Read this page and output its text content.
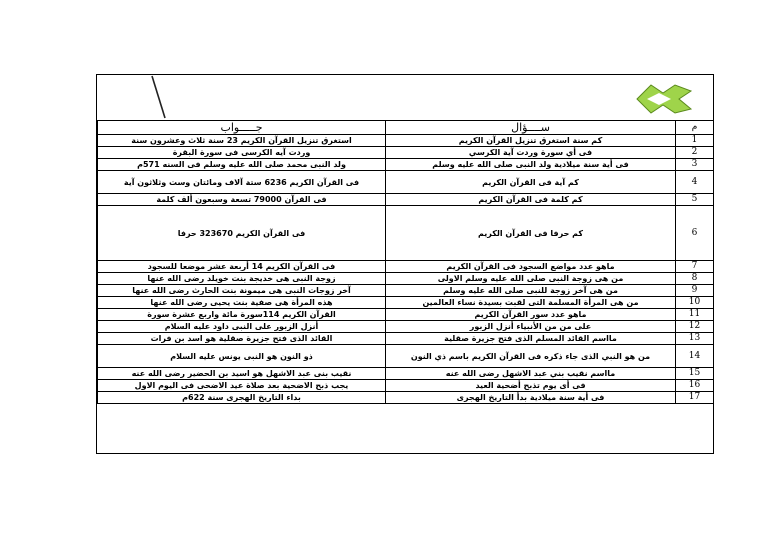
م	ســــؤال	جـــــواب
1	كم سنة استغرق تنزيل القرآن الكريم	استغرق تنزيل القرآن الكريم 23 سنة ثلاث وعشرون سنة
2	فى أي سورة وردت آية الكرسي	وردت آيه الكرسى فى سورة البقرة
3	فى أية سنة ميلادية ولد النبى صلى الله عليه وسلم	ولد النبى محمد صلى الله عليه وسلم فى السنه 571م
4	كم آية فى القرآن الكريم	فى القرآن الكريم 6236 ستة آلاف ومائتان وست وثلاثون آية
5	كم كلمة فى القرآن الكريم	فى القرآن 79000 تسعة وسبعون ألف كلمة
6	كم حرفا فى القرآن الكريم	فى القرآن الكريم 323670 حرفا
7	ماهو عدد مواضع السجود فى القرآن الكريم	فى القرآن الكريم 14 أربعة عشر موضعا للسجود
8	من هى زوجة النبى صلى الله عليه وسلم الاولى	زوجة النبى هى خديجة بنت خويلد رضى الله عنها
9	من هى آخر زوجة للنبى صلى الله عليه وسلم	آخر زوجات النبى هى ميمونة بنت الحارث رضى الله عنها
10	من هى المرأة المسلمة التى لقبت بسيدة نساء العالمين	هذه المرأة هى صفية بنت يحيى رضى الله عنها
11	ماهو عدد سور القرآن الكريم	القرآن الكريم 114سورة مائة واربع عشرة سورة
12	على من من الأنبياء أنزل الزبور	أنزل الزبور على النبى داود عليه السلام
13	مااسم القائد المسلم الذى فتح جزيرة صقلية	القائد الذى فتح جزيرة صقلية هو اسد بن فرات
14	من هو النبي الذى جاء ذكره فى القرآن الكريم باسم ذي النون	ذو النون هو النبى يونس عليه السلام
15	مااسم نقيب بني عبد الاشهل رضى الله عنه	نقيب بنى عبد الاشهل هو اسيد بن الحضير رضى الله عنه
16	فى أى يوم تذبح أضحية العيد	يجب ذبح الاضحية بعد صلاة عيد الاضحى فى اليوم الاول
17	فى أية سنة ميلادية بدأ التاريخ الهجرى	بداء التاريخ الهجرى سنة 622م
